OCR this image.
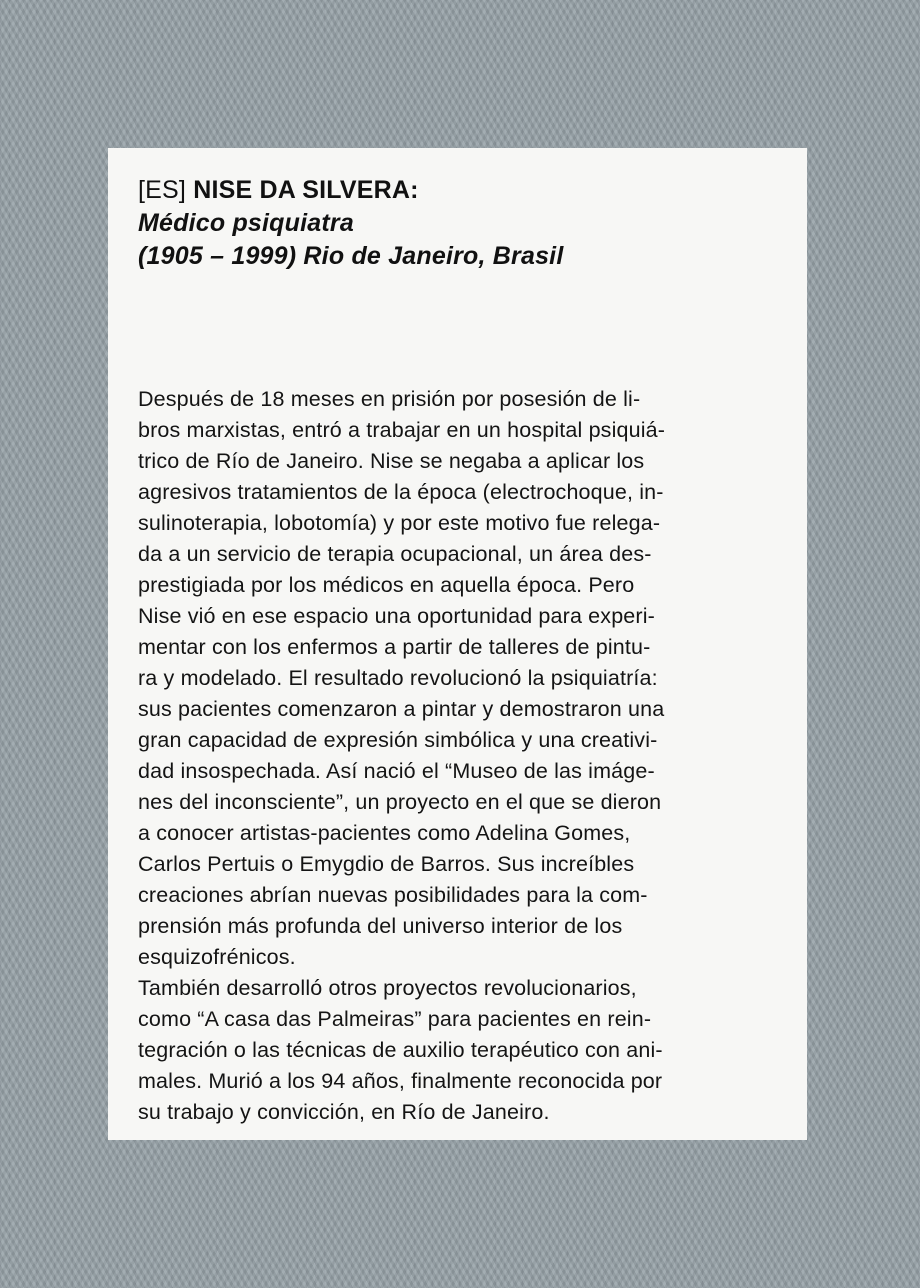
[ES] NISE DA SILVERA:
Médico psiquiatra
(1905 – 1999) Rio de Janeiro, Brasil

Después de 18 meses en prisión por posesión de li-
bros marxistas, entró a trabajar en un hospital psiquiá-
trico de Río de Janeiro. Nise se negaba a aplicar los
agresivos tratamientos de la época (electrochoque, in-
sulinoterapia, lobotomía) y por este motivo fue relega-
da a un servicio de terapia ocupacional, un área des-
prestigiada por los médicos en aquella época. Pero
Nise vió en ese espacio una oportunidad para experi-
mentar con los enfermos a partir de talleres de pintu-
ra y modelado. El resultado revolucionó la psiquiatría:
sus pacientes comenzaron a pintar y demostraron una
gran capacidad de expresión simbólica y una creativi-
dad insospechada. Así nació el “Museo de las imáge-
nes del inconsciente”, un proyecto en el que se dieron
a conocer artistas-pacientes como Adelina Gomes,
Carlos Pertuis o Emygdio de Barros. Sus increíbles
creaciones abrían nuevas posibilidades para la com-
prensión más profunda del universo interior de los
esquizofrénicos.

También desarrolló otros proyectos revolucionarios,
como “A casa das Palmeiras” para pacientes en rein-
tegración o las técnicas de auxilio terapéutico con ani-
males. Murió a los 94 años, finalmente reconocida por
su trabajo y convicción, en Río de Janeiro.
